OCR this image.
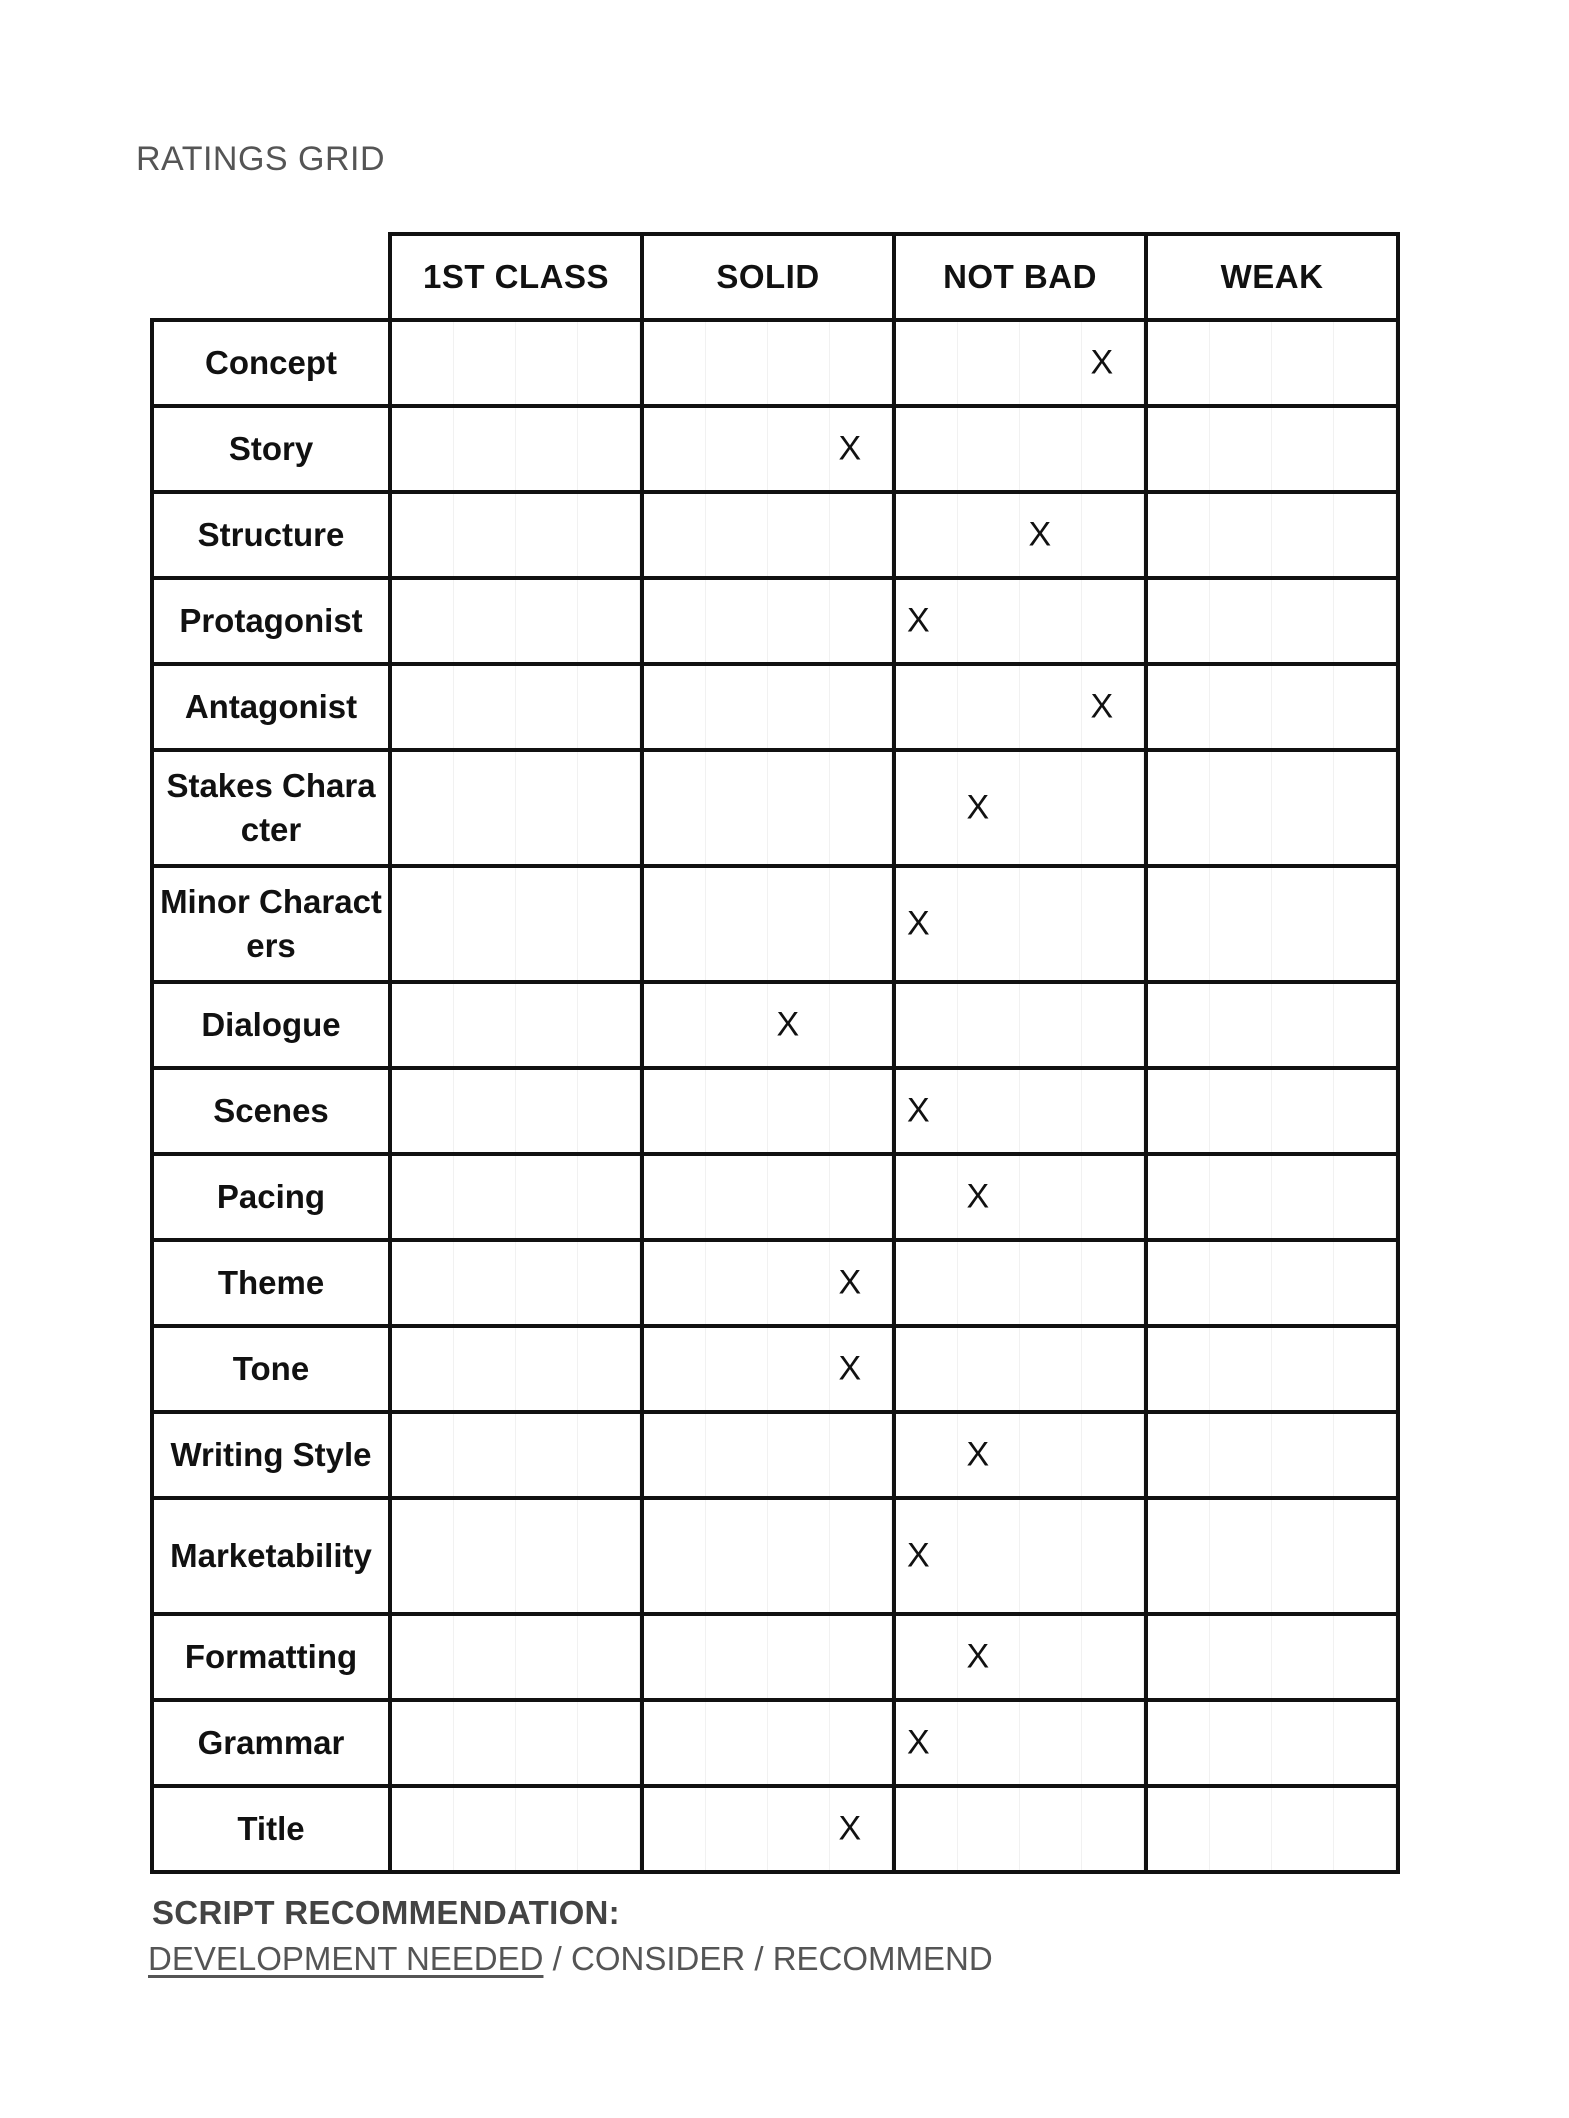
RATINGS GRID
	1ST CLASS	SOLID	NOT BAD	WEAK
Concept			X	

Story		X		

Structure			X	

Protagonist			X	

Antagonist			X	

Stakes Character			X	

Minor Characters			X	

Dialogue		X		

Scenes			X	

Pacing			X	

Theme		X		

Tone		X		

Writing Style			X	

Marketability			X	

Formatting			X	

Grammar			X	

Title		X		

SCRIPT RECOMMENDATION:
DEVELOPMENT NEEDED / CONSIDER / RECOMMEND
